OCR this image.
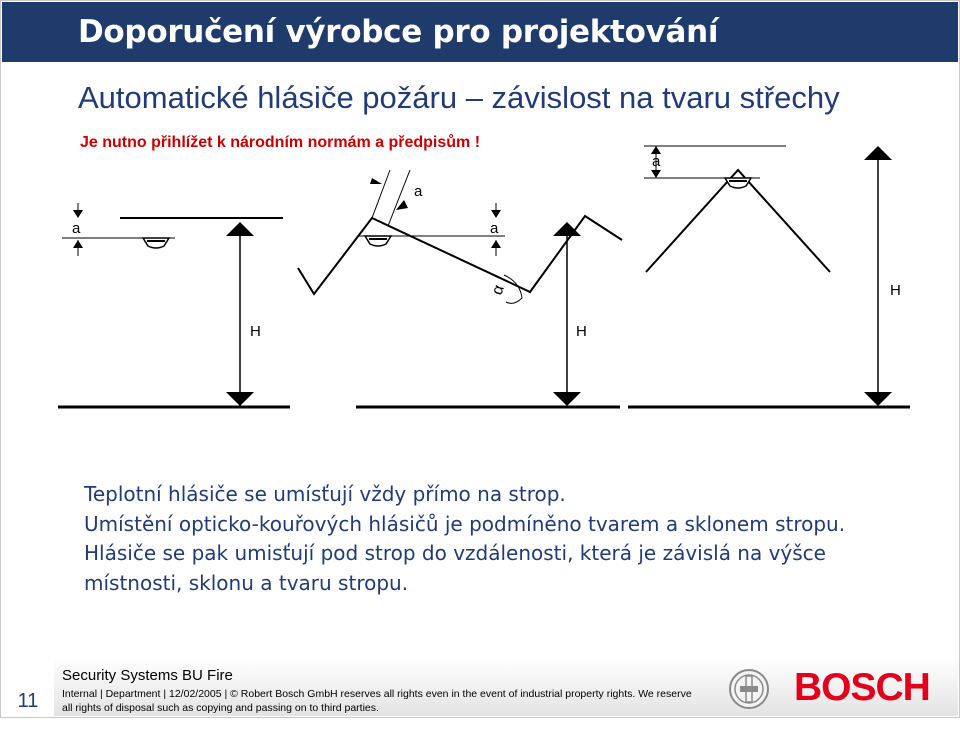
Doporučení výrobce pro projektování
Automatické hlásiče požáru – závislost na tvaru střechy
Je nutno přihlížet k národním normám a předpisům !
a	a
a
a
H	H
H
α
Teplotní hlásiče se umísťují vždy přímo na strop.
Umístění opticko-kouřových hlásičů je podmíněno tvarem a sklonem stropu.
Hlásiče se pak umisťují pod strop do vzdálenosti, která je závislá na výšce
místnosti, sklonu a tvaru stropu.
11
Security Systems BU Fire
Internal | Department | 12/02/2005 | © Robert Bosch GmbH reserves all rights even in the event of industrial property rights. We reserve all rights of disposal such as copying and passing on to third parties.	BOSCH
